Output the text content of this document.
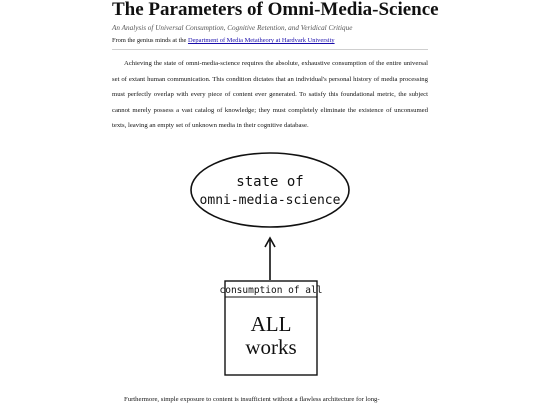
The Parameters of Omni-Media-Science
An Analysis of Universal Consumption, Cognitive Retention, and Veridical Critique
From the genius minds at the Department of Media Metatheory at Hardvark University

Achieving the state of omni-media-science requires the absolute, exhaustive consumption of the entire universal set of extant human communication. This condition dictates that an individual's personal history of media processing must perfectly overlap with every piece of content ever generated. To satisfy this foundational metric, the subject cannot merely possess a vast catalog of knowledge; they must completely eliminate the existence of unconsumed texts, leaving an empty set of unknown media in their cognitive database.

Furthermore, simple exposure to content is insufficient without a flawless architecture for long-

state of
omni-media-science
consumption of all
ALL
works
